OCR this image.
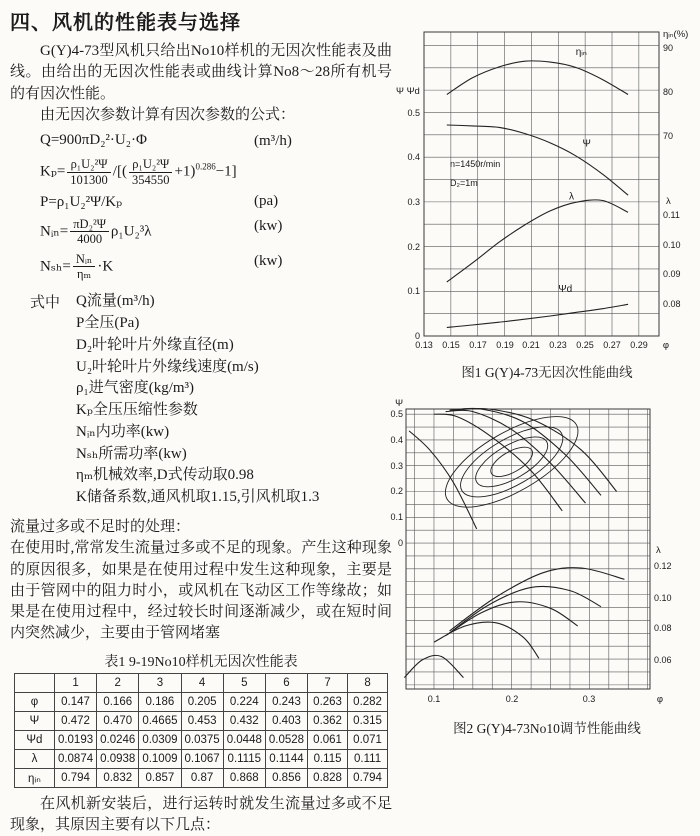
四、风机的性能表与选择

G(Y)4-73型风机只给出No10样机的无因次性能表及曲线。由给出的无因次性能表或曲线计算No8～28所有机号的有因次性能。

由无因次参数计算有因次参数的公式：

Q=900πD₂²·U₂·Φ	(m³/h)
$K_p= \frac{\text{ρ₁U₂²Ψ}}{101300}$ /[( $\frac{\text{ρ₁U₂²Ψ}}{354550} +1)^{0.286}-1$]
P=ρ₁U₂²Ψ/Kₚ	(pa)
Nᵢₙ= $\frac{\text{πD₂²Ψ}}{4000} \rho_1U_2^3\lambda$	(kw)
$N_{sh}= \frac{\text{Nᵢₙ}}{\text{ηₘ}} \cdot K$	(kw)
式中	Q流量(m³/h)
P全压(Pa)
D₂叶轮叶片外缘直径(m)
U₂叶轮叶片外缘线速度(m/s)
ρ₁进气密度(kg/m³)
Kₚ全压压缩性参数
Nᵢₙ内功率(kw)
Nₛₕ所需功率(kw)
ηₘ机械效率,D式传动取0.98
K储备系数,通风机取1.15,引风机取1.3

流量过多或不足时的处理：

在使用时,常常发生流量过多或不足的现象。产生这种现象的原因很多，如果是在使用过程中发生这种现象，主要是由于管网中的阻力时小，或风机在飞动区工作等缘故；如果是在使用过程中，经过较长时间逐渐减少，或在短时间内突然减少，主要由于管网堵塞

表1 9-19No10样机无因次性能表
	1	2	3	4	5	6	7	8
φ	0.147	0.166	0.186	0.205	0.224	0.243	0.263	0.282
Ψ	0.472	0.470	0.4665	0.453	0.432	0.403	0.362	0.315
Ψd	0.0193	0.0246	0.0309	0.0375	0.0448	0.0528	0.061	0.071
λ	0.0874	0.0938	0.1009	0.1067	0.1115	0.1144	0.115	0.111
ηᵢₙ	0.794	0.832	0.857	0.87	0.868	0.856	0.828	0.794

在风机新安装后，进行运转时就发生流量过多或不足现象，其原因主要有以下几点：

Ψ Ψd
0.5
0.4
0.3
0.2
0.1
0
ηᵢₙ(%)
90
80
70
λ
0.11
0.10
0.09
0.08
0.13 0.15 0.17 0.19 0.21 0.23 0.25 0.27 0.29 φ
n=1450r/min
D₂=1m
ηᵢₙ
Ψ
λ
Ψd
图1 G(Y)4-73无因次性能曲线
Ψ
0.5
0.4
0.3
0.2
0.1
0
λ
0.12
0.10
0.08
0.06
0.1	0.2	0.3	φ
图2 G(Y)4-73No10调节性能曲线
